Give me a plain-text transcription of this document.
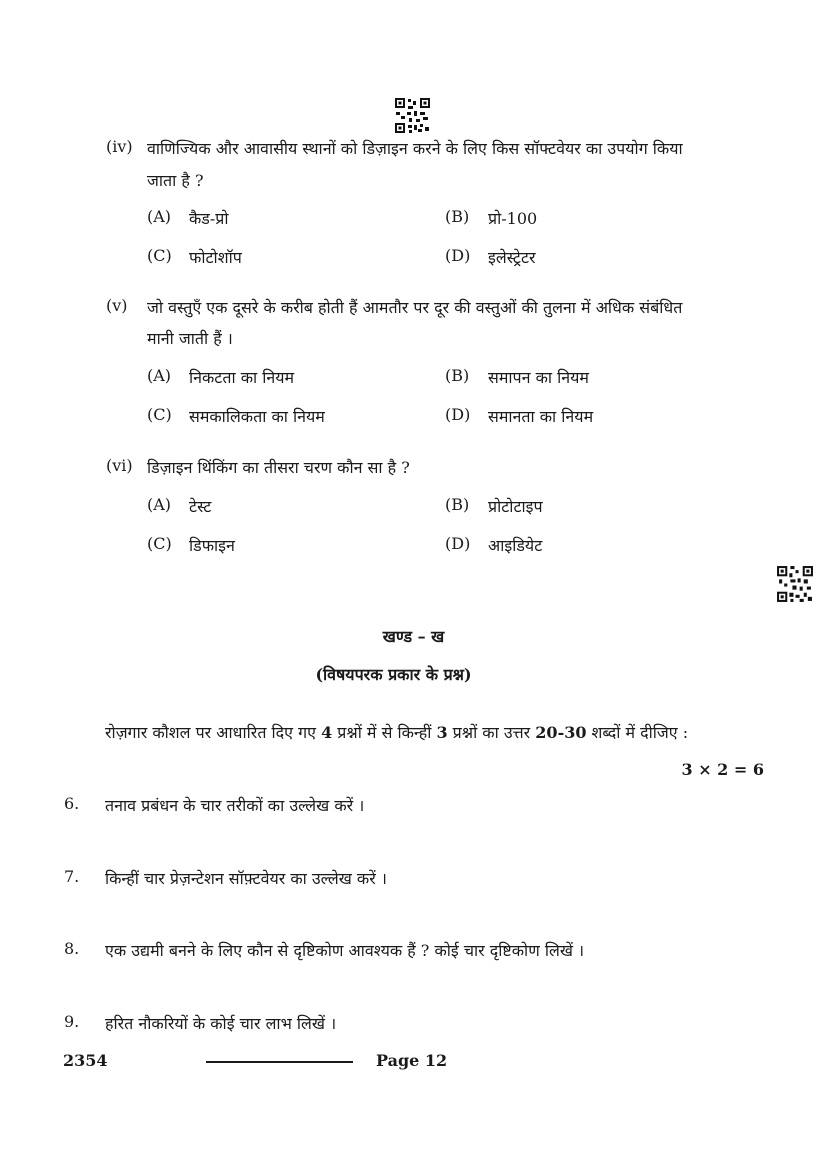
(iv) वाणिज्यिक और आवासीय स्थानों को डिज़ाइन करने के लिए किस सॉफ्टवेयर का उपयोग किया
जाता है ?
(A) कैड-प्रो	(B) प्रो-100
(C) फोटोशॉप	(D) इलेस्ट्रेटर
(v) जो वस्तुएँ एक दूसरे के करीब होती हैं आमतौर पर दूर की वस्तुओं की तुलना में अधिक संबंधित
मानी जाती हैं ।
(A) निकटता का नियम	(B) समापन का नियम
(C) समकालिकता का नियम	(D) समानता का नियम
(vi) डिज़ाइन थिंकिंग का तीसरा चरण कौन सा है ?
(A) टेस्ट	(B) प्रोटोटाइप
(C) डिफाइन	(D) आइडियेट
खण्ड – ख
(विषयपरक प्रकार के प्रश्न)
रोज़गार कौशल पर आधारित दिए गए 4 प्रश्नों में से किन्हीं 3 प्रश्नों का उत्तर 20-30 शब्दों में दीजिए :
3 × 2 = 6
6. तनाव प्रबंधन के चार तरीकों का उल्लेख करें ।
7. किन्हीं चार प्रेज़न्टेशन सॉफ़्टवेयर का उल्लेख करें ।
8. एक उद्यमी बनने के लिए कौन से दृष्टिकोण आवश्यक हैं ? कोई चार दृष्टिकोण लिखें ।
9. हरित नौकरियों के कोई चार लाभ लिखें ।
2354	Page 12
